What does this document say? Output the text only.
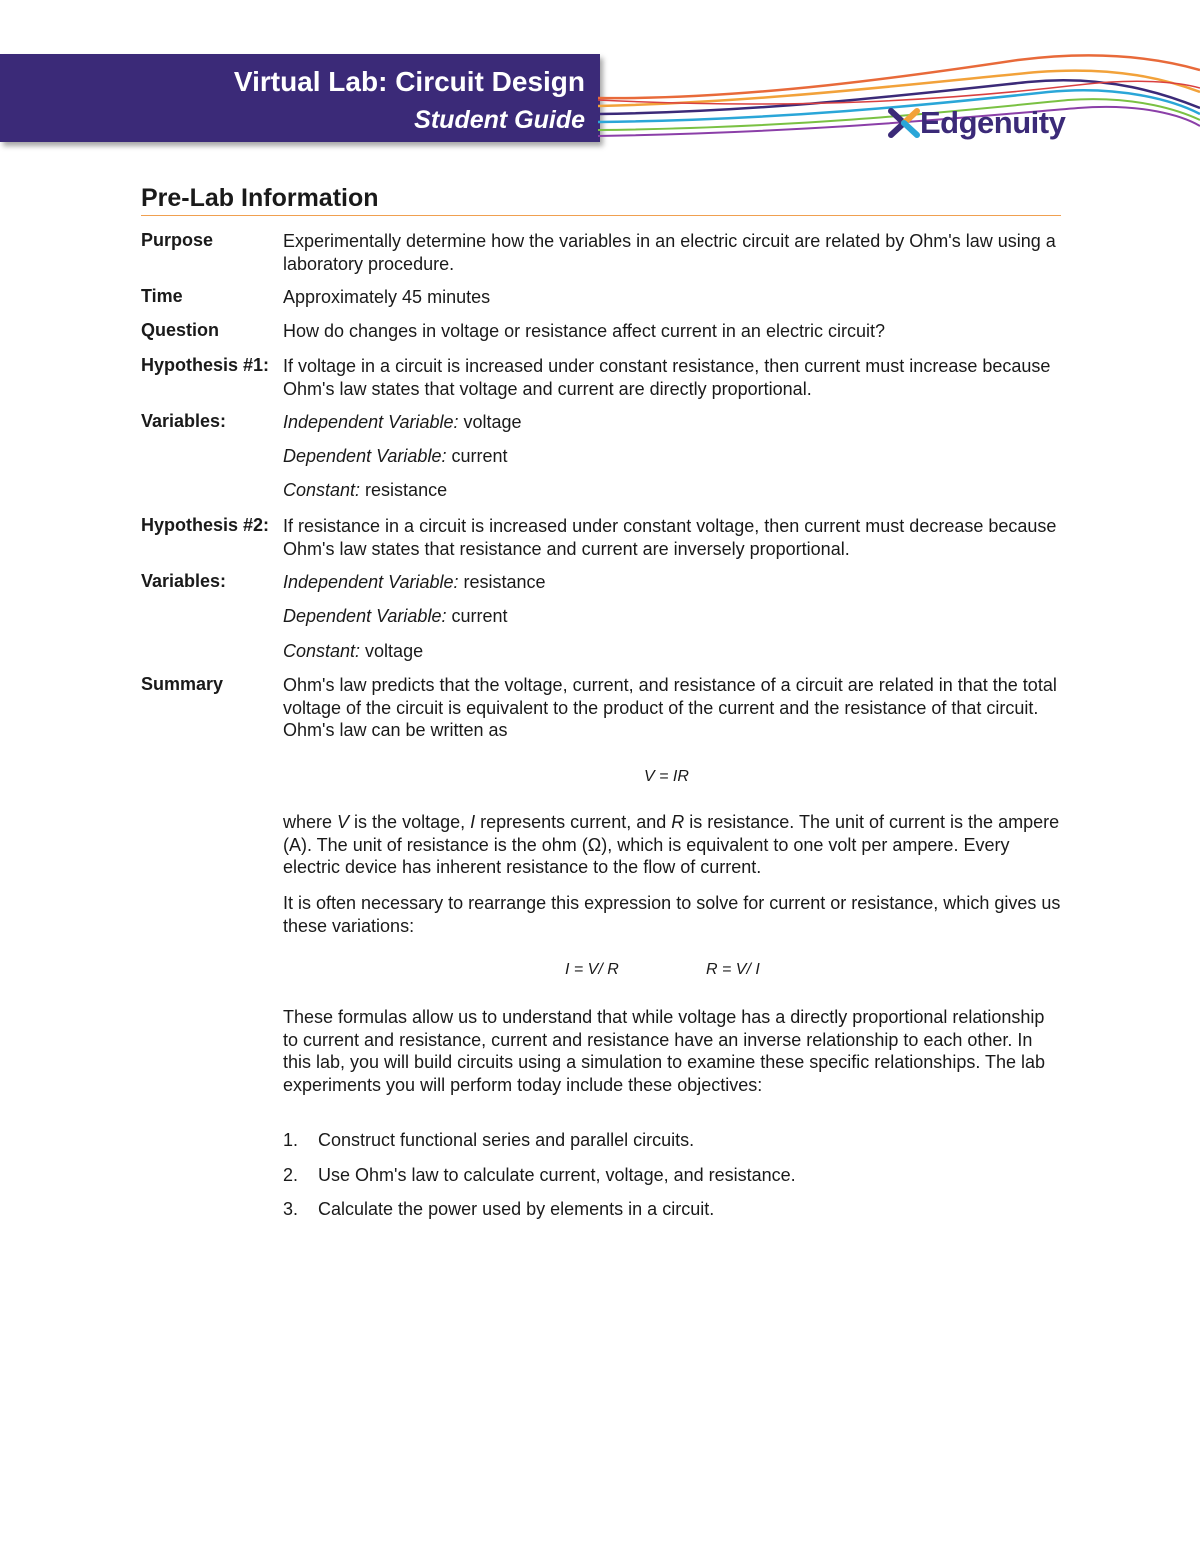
Virtual Lab: Circuit Design
Student Guide	Edgenuity
Pre-Lab Information
Purpose	Experimentally determine how the variables in an electric circuit are related by Ohm's law using a laboratory procedure.
Time	Approximately 45 minutes
Question	How do changes in voltage or resistance affect current in an electric circuit?
Hypothesis #1: If voltage in a circuit is increased under constant resistance, then current must increase because Ohm's law states that voltage and current are directly proportional.
Variables:	Independent Variable: voltage
Dependent Variable: current
Constant: resistance
Hypothesis #2: If resistance in a circuit is increased under constant voltage, then current must decrease because Ohm's law states that resistance and current are inversely proportional.
Variables:	Independent Variable: resistance
Dependent Variable: current
Constant: voltage
Summary	Ohm's law predicts that the voltage, current, and resistance of a circuit are related in that the total voltage of the circuit is equivalent to the product of the current and the resistance of that circuit. Ohm's law can be written as
V = IR
where V is the voltage, I represents current, and R is resistance. The unit of current is the ampere (A). The unit of resistance is the ohm (Ω), which is equivalent to one volt per ampere. Every electric device has inherent resistance to the flow of current.
It is often necessary to rearrange this expression to solve for current or resistance, which gives us these variations:
I = V/ R	R = V/ I
These formulas allow us to understand that while voltage has a directly proportional relationship to current and resistance, current and resistance have an inverse relationship to each other. In this lab, you will build circuits using a simulation to examine these specific relationships. The lab experiments you will perform today include these objectives:
1. Construct functional series and parallel circuits.
2. Use Ohm's law to calculate current, voltage, and resistance.
3. Calculate the power used by elements in a circuit.
